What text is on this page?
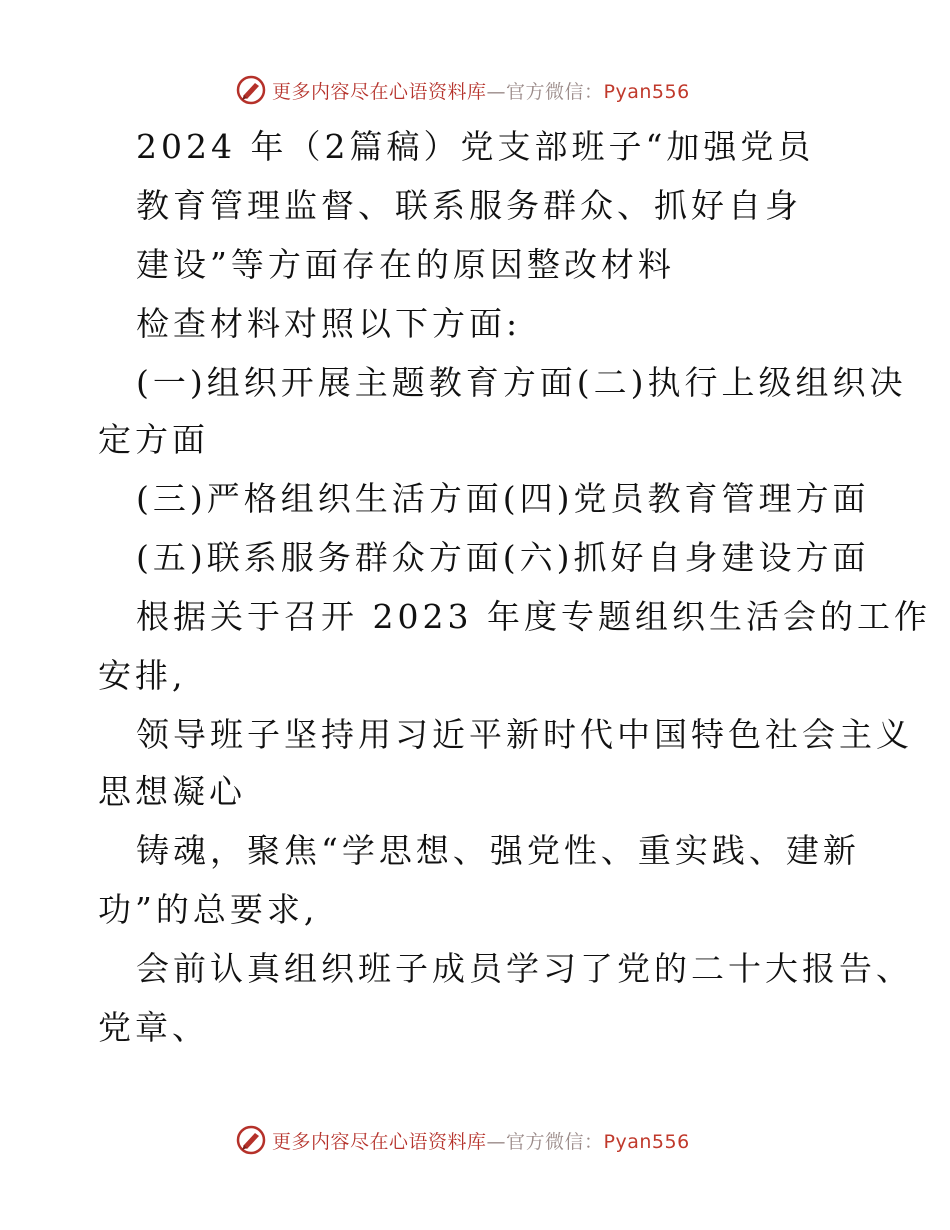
更多内容尽在心语资料库—官方微信：Pyan556
2024 年（2篇稿）党支部班子“加强党员
教育管理监督、联系服务群众、抓好自身
建设”等方面存在的原因整改材料
检查材料对照以下方面:
(一)组织开展主题教育方面(二)执行上级组织决
定方面
(三)严格组织生活方面(四)党员教育管理方面
(五)联系服务群众方面(六)抓好自身建设方面
根据关于召开 2023 年度专题组织生活会的工作
安排,
领导班子坚持用习近平新时代中国特色社会主义
思想凝心
铸魂，聚焦“学思想、强党性、重实践、建新
功”的总要求,
会前认真组织班子成员学习了党的二十大报告、
党章、
更多内容尽在心语资料库—官方微信：Pyan556
